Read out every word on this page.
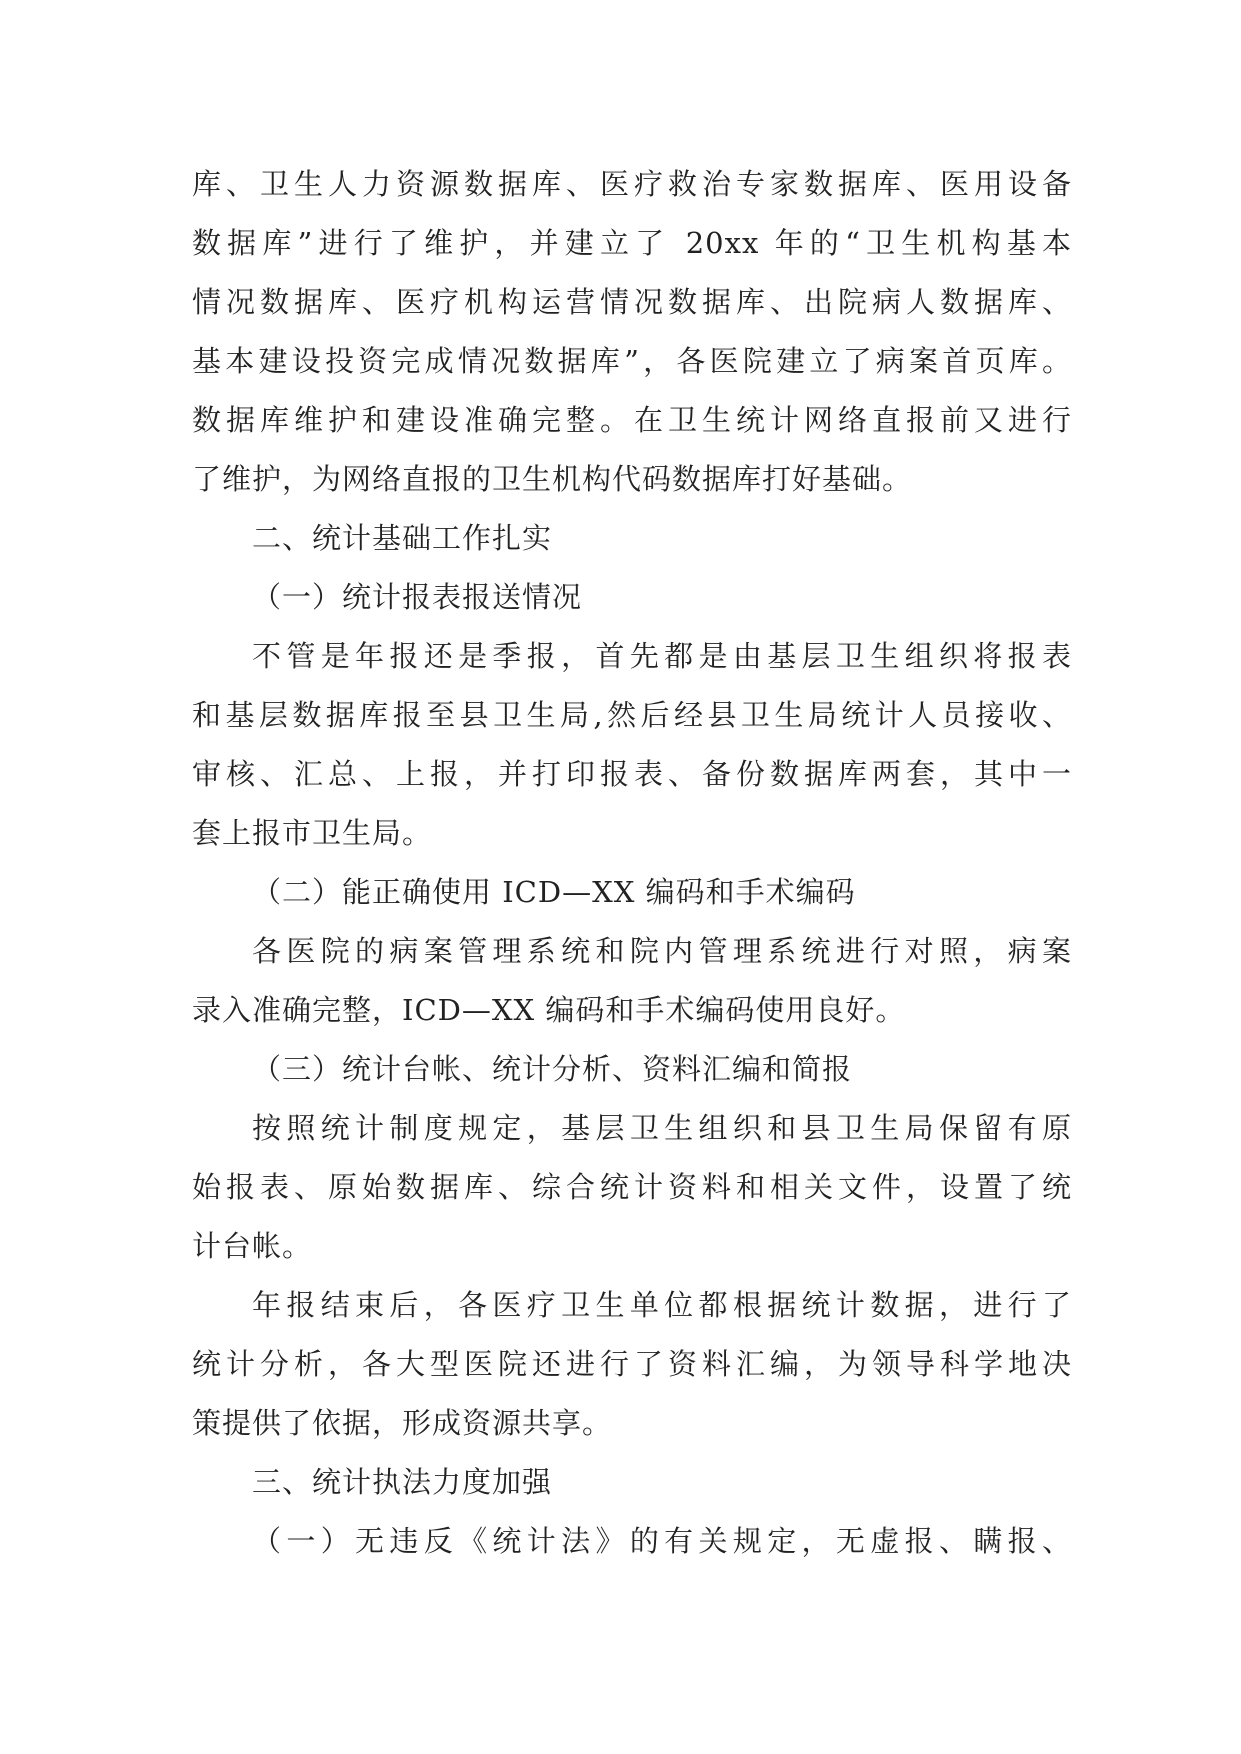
库、卫生人力资源数据库、医疗救治专家数据库、医用设备
数据库”进行了维护，并建立了 20xx 年的“卫生机构基本
情况数据库、医疗机构运营情况数据库、出院病人数据库、
基本建设投资完成情况数据库”，各医院建立了病案首页库。
数据库维护和建设准确完整。在卫生统计网络直报前又进行
了维护，为网络直报的卫生机构代码数据库打好基础。
二、统计基础工作扎实
（一）统计报表报送情况
不管是年报还是季报，首先都是由基层卫生组织将报表
和基层数据库报至县卫生局,然后经县卫生局统计人员接收、
审核、汇总、上报，并打印报表、备份数据库两套，其中一
套上报市卫生局。
（二）能正确使用 ICD—XX 编码和手术编码
各医院的病案管理系统和院内管理系统进行对照，病案
录入准确完整，ICD—XX 编码和手术编码使用良好。
（三）统计台帐、统计分析、资料汇编和简报
按照统计制度规定，基层卫生组织和县卫生局保留有原
始报表、原始数据库、综合统计资料和相关文件，设置了统
计台帐。
年报结束后，各医疗卫生单位都根据统计数据，进行了
统计分析，各大型医院还进行了资料汇编，为领导科学地决
策提供了依据，形成资源共享。
三、统计执法力度加强
（一）无违反《统计法》的有关规定，无虚报、瞒报、
